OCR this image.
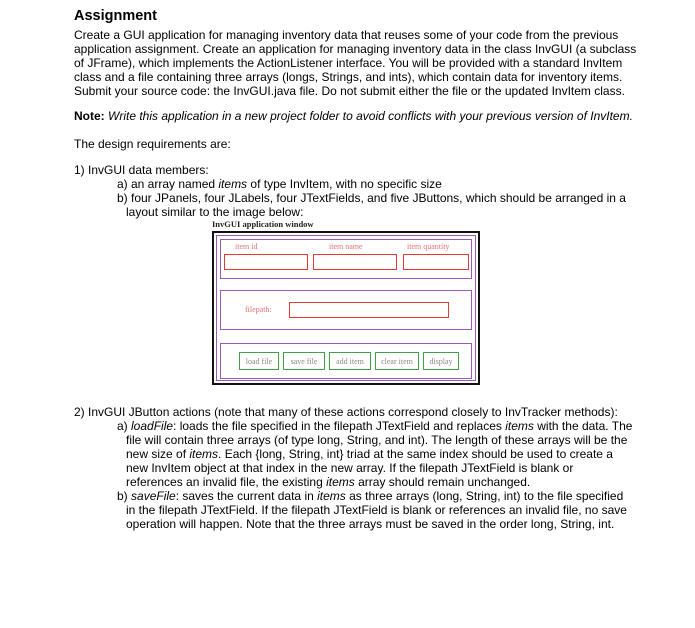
Assignment
Create a GUI application for managing inventory data that reuses some of your code from the previous
application assignment. Create an application for managing inventory data in the class InvGUI (a subclass
of JFrame), which implements the ActionListener interface. You will be provided with a standard InvItem
class and a file containing three arrays (longs, Strings, and ints), which contain data for inventory items.
Submit your source code: the InvGUI.java file. Do not submit either the file or the updated InvItem class.
Note: Write this application in a new project folder to avoid conflicts with your previous version of InvItem.
The design requirements are:
1) InvGUI data members:
a) an array named items of type InvItem, with no specific size
b) four JPanels, four JLabels, four JTextFields, and five JButtons, which should be arranged in a
layout similar to the image below:
InvGUI application window
item id	item name	item quantity
filepath:
load file	save file	add item	clear item	display
2) InvGUI JButton actions (note that many of these actions correspond closely to InvTracker methods):
a) loadFile: loads the file specified in the filepath JTextField and replaces items with the data. The
file will contain three arrays (of type long, String, and int). The length of these arrays will be the
new size of items. Each {long, String, int} triad at the same index should be used to create a
new InvItem object at that index in the new array. If the filepath JTextField is blank or
references an invalid file, the existing items array should remain unchanged.
b) saveFile: saves the current data in items as three arrays (long, String, int) to the file specified
in the filepath JTextField. If the filepath JTextField is blank or references an invalid file, no save
operation will happen. Note that the three arrays must be saved in the order long, String, int.
